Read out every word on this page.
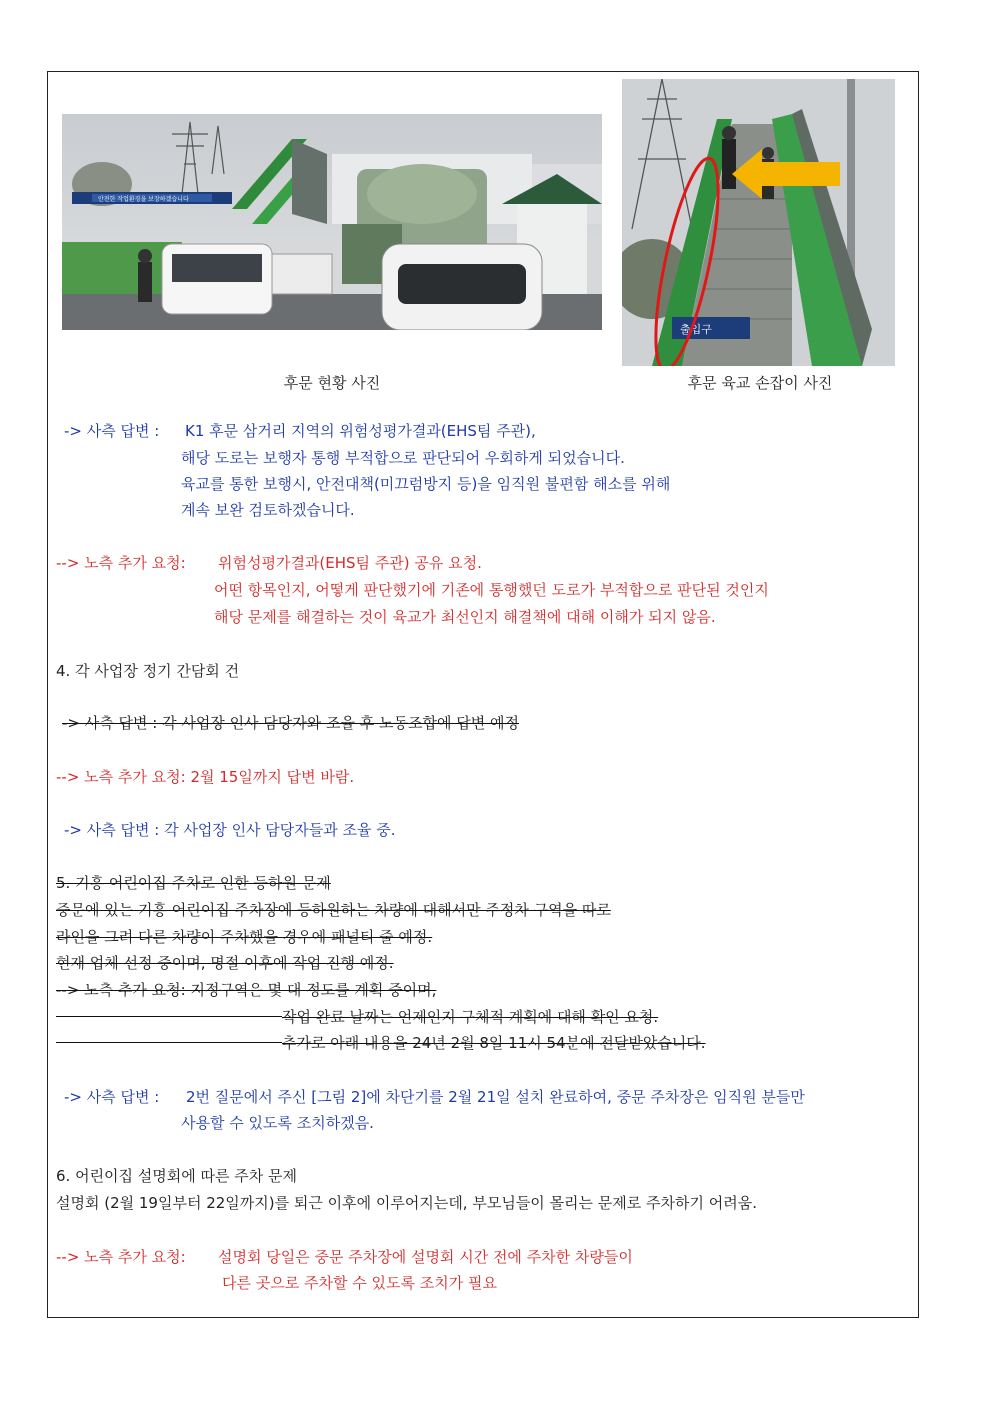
안전한 작업환경을 보장하겠습니다
출입구
후문 현황 사진	후문 육교 손잡이 사진
-> 사측 답변 : K1 후문 삼거리 지역의 위험성평가결과(EHS팀 주관),
해당 도로는 보행자 통행 부적합으로 판단되어 우회하게 되었습니다.
육교를 통한 보행시, 안전대책(미끄럼방지 등)을 임직원 불편함 해소를 위해
계속 보완 검토하겠습니다.
--> 노측 추가 요청: 위험성평가결과(EHS팀 주관) 공유 요청.
어떤 항목인지, 어떻게 판단했기에 기존에 통행했던 도로가 부적합으로 판단된 것인지
해당 문제를 해결하는 것이 육교가 최선인지 해결책에 대해 이해가 되지 않음.
4. 각 사업장 정기 간담회 건
-> 사측 답변 : 각 사업장 인사 담당자와 조율 후 노동조합에 답변 예정
--> 노측 추가 요청: 2월 15일까지 답변 바람.
-> 사측 답변 : 각 사업장 인사 담당자들과 조율 중.
5. 기흥 어린이집 주차로 인한 등하원 문제
중문에 있는 기흥 어린이집 주차장에 등하원하는 차량에 대해서만 주정차 구역을 따로
라인을 그려 다른 차량이 주차했을 경우에 패널티 줄 예정.
현재 업체 선정 중이며, 명절 이후에 작업 진행 예정.
--> 노측 추가 요청: 지정구역은 몇 대 정도를 계획 중이며,
작업 완료 날짜는 언제인지 구체적 계획에 대해 확인 요청.
추가로 아래 내용을 24년 2월 8일 11시 54분에 전달받았습니다.
-> 사측 답변 : 2번 질문에서 주신 [그림 2]에 차단기를 2월 21일 설치 완료하여, 중문 주차장은 임직원 분들만
사용할 수 있도록 조치하겠음.
6. 어린이집 설명회에 따른 주차 문제
설명회 (2월 19일부터 22일까지)를 퇴근 이후에 이루어지는데, 부모님들이 몰리는 문제로 주차하기 어려움.
--> 노측 추가 요청: 설명회 당일은 중문 주차장에 설명회 시간 전에 주차한 차량들이
다른 곳으로 주차할 수 있도록 조치가 필요
